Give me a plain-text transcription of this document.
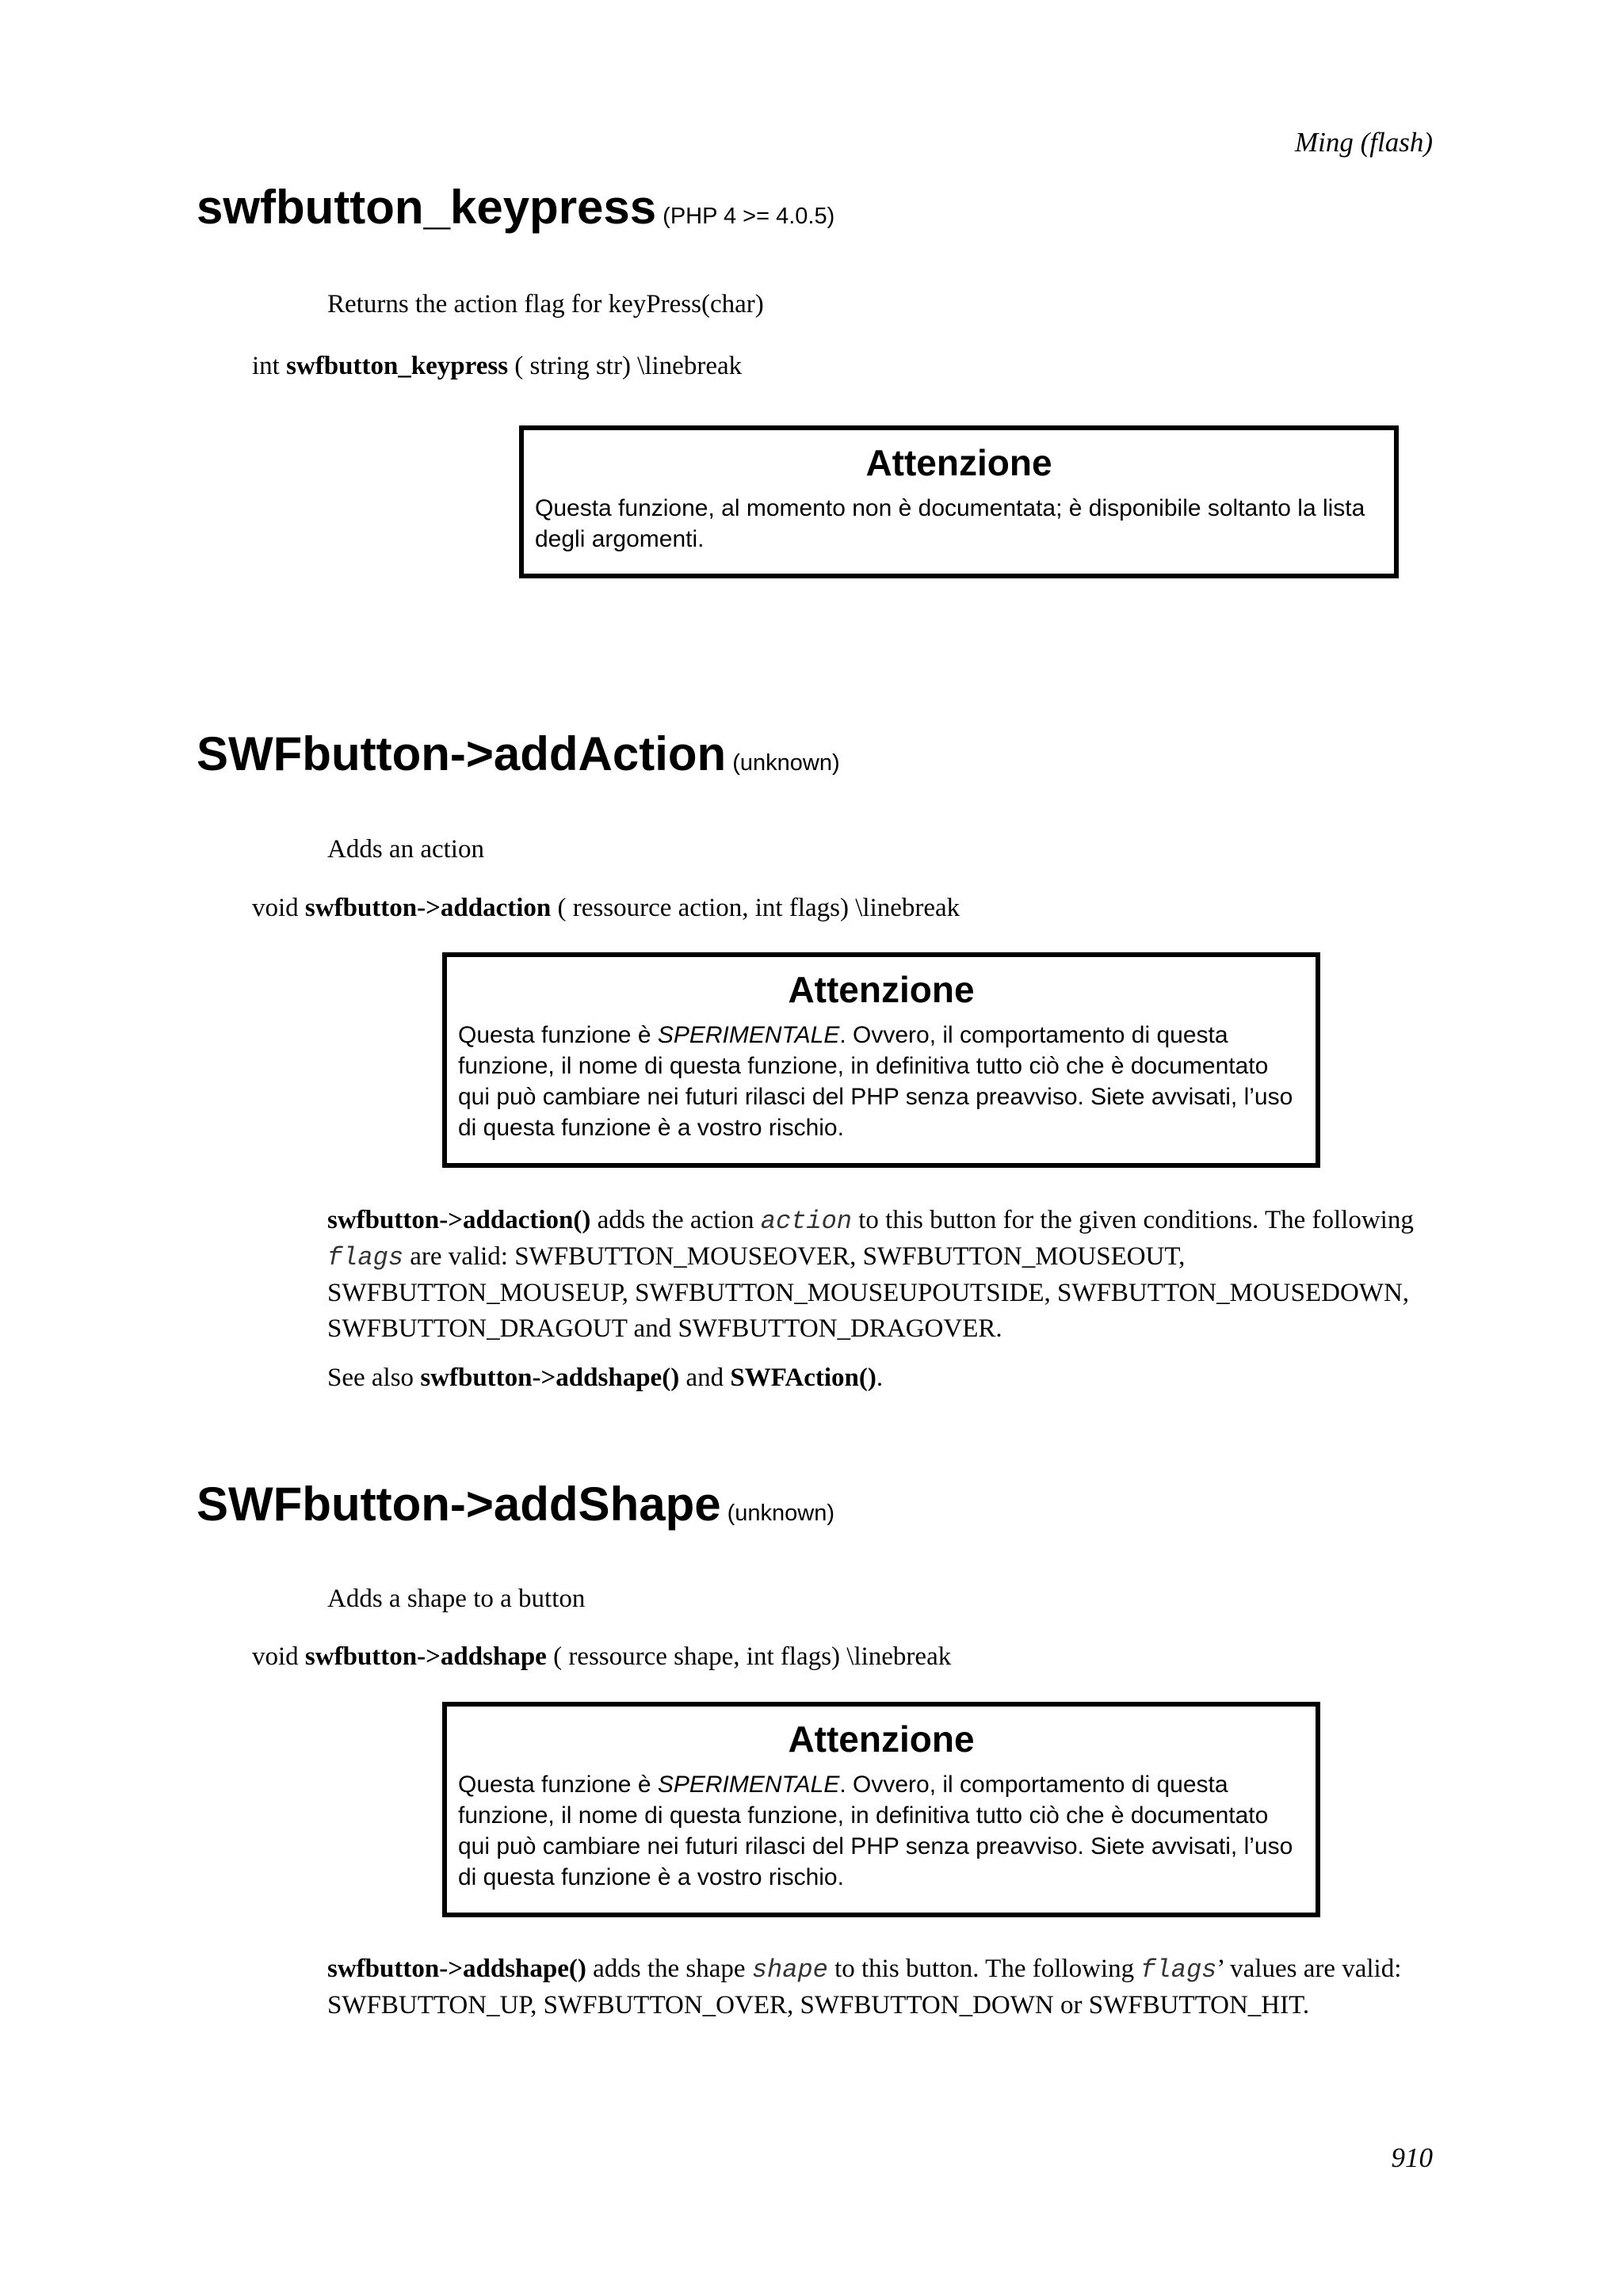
Ming (flash)
swfbutton_keypress (PHP 4 >= 4.0.5)
Returns the action flag for keyPress(char)
int swfbutton_keypress ( string str) \linebreak
Attenzione

Questa funzione, al momento non è documentata; è disponibile soltanto la lista degli argomenti.

SWFbutton->addAction (unknown)
Adds an action
void swfbutton->addaction ( ressource action, int flags) \linebreak
Attenzione

Questa funzione è SPERIMENTALE. Ovvero, il comportamento di questa funzione, il nome di questa funzione, in definitiva tutto ciò che è documentato qui può cambiare nei futuri rilasci del PHP senza preavviso. Siete avvisati, l’uso di questa funzione è a vostro rischio.

swfbutton->addaction() adds the action action to this button for the given conditions. The following flags are valid: SWFBUTTON_MOUSEOVER, SWFBUTTON_MOUSEOUT, SWFBUTTON_MOUSEUP, SWFBUTTON_MOUSEUPOUTSIDE, SWFBUTTON_MOUSEDOWN, SWFBUTTON_DRAGOUT and SWFBUTTON_DRAGOVER.
See also swfbutton->addshape() and SWFAction().
SWFbutton->addShape (unknown)
Adds a shape to a button
void swfbutton->addshape ( ressource shape, int flags) \linebreak
Attenzione

Questa funzione è SPERIMENTALE. Ovvero, il comportamento di questa funzione, il nome di questa funzione, in definitiva tutto ciò che è documentato qui può cambiare nei futuri rilasci del PHP senza preavviso. Siete avvisati, l’uso di questa funzione è a vostro rischio.

swfbutton->addshape() adds the shape shape to this button. The following flags’ values are valid: SWFBUTTON_UP, SWFBUTTON_OVER, SWFBUTTON_DOWN or SWFBUTTON_HIT.
910
